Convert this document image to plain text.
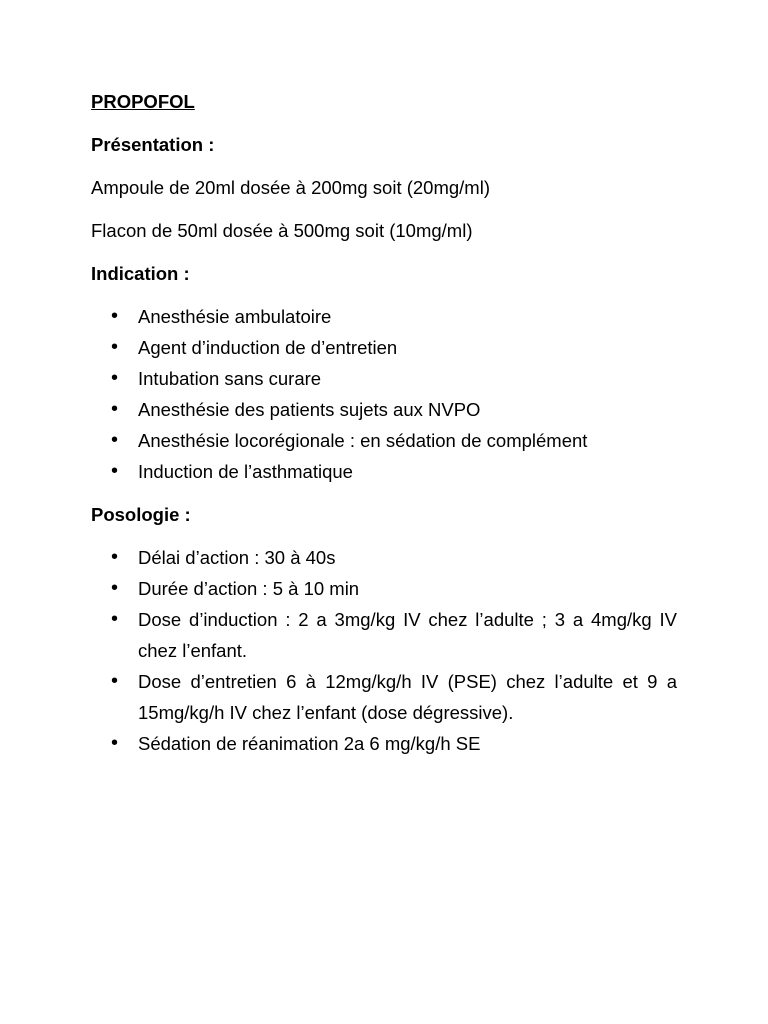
PROPOFOL
Présentation :
Ampoule de 20ml dosée à 200mg soit (20mg/ml)
Flacon de 50ml dosée à 500mg soit (10mg/ml)
Indication :
• Anesthésie ambulatoire
• Agent d’induction de d’entretien
• Intubation sans curare
• Anesthésie des patients sujets aux NVPO
• Anesthésie locorégionale : en sédation de complément
• Induction de l’asthmatique
Posologie :
• Délai d’action : 30 à 40s
• Durée d’action : 5 à 10 min
• Dose d’induction : 2 a 3mg/kg IV chez l’adulte ; 3 a 4mg/kg IV chez l’enfant.
• Dose d’entretien 6 à 12mg/kg/h IV (PSE) chez l’adulte et 9 a 15mg/kg/h IV chez l’enfant (dose dégressive).
• Sédation de réanimation 2a 6 mg/kg/h SE
